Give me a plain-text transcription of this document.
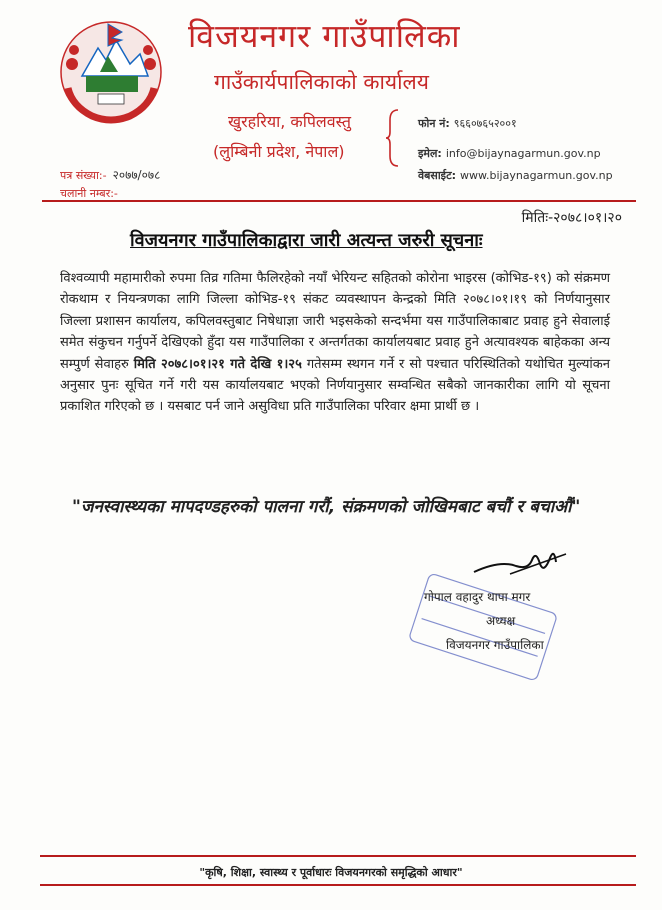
विजयनगर गाउँपालिका
गाउँकार्यपालिकाको कार्यालय
खुरहरिया, कपिलवस्तु
(लुम्बिनी प्रदेश, नेपाल)
फोन नं: ९६६०७६५२००१
इमेल: info@bijaynagarmun.gov.np
वेबसाईट: www.bijaynagarmun.gov.np
पत्र संख्या:- २०७७/०७८
चलानी नम्बर:-
मितिः-२०७८।०१।२०
विजयनगर गाउँपालिकाद्वारा जारी अत्यन्त जरुरी सूचनाः
विश्वव्यापी महामारीको रुपमा तिव्र गतिमा फैलिरहेको नयाँ भेरियन्ट सहितको कोरोना भाइरस (कोभिड-१९) को संक्रमण रोकथाम र नियन्त्रणका लागि जिल्ला कोभिड-१९ संकट व्यवस्थापन केन्द्रको मिति २०७८।०१।१९ को निर्णयानुसार जिल्ला प्रशासन कार्यालय, कपिलवस्तुबाट निषेधाज्ञा जारी भइसकेको सन्दर्भमा यस गाउँपालिकाबाट प्रवाह हुने सेवालाई समेत संकुचन गर्नुपर्ने देखिएको हुँदा यस गाउँपालिका र अन्तर्गतका कार्यालयबाट प्रवाह हुने अत्यावश्यक बाहेकका अन्य सम्पुर्ण सेवाहरु मिति २०७८।०१।२१ गते देखि १।२५ गतेसम्म स्थगन गर्ने र सो पश्चात परिस्थितिको यथोचित मुल्यांकन अनुसार पुनः सूचित गर्ने गरी यस कार्यालयबाट भएको निर्णयानुसार सम्वन्धित सबैको जानकारीका लागि यो सूचना प्रकाशित गरिएको छ । यसबाट पर्न जाने असुविधा प्रति गाउँपालिका परिवार क्षमा प्रार्थी छ ।
"जनस्वास्थ्यका मापदण्डहरुको पालना गरौं, संक्रमणको जोखिमबाट बचौं र बचाऔं"
गोपाल वहादुर थापा मगर
अध्यक्ष
विजयनगर गाउँपालिका
"कृषि, शिक्षा, स्वास्थ्य र पूर्वाधारः विजयनगरको समृद्धिको आधार"
